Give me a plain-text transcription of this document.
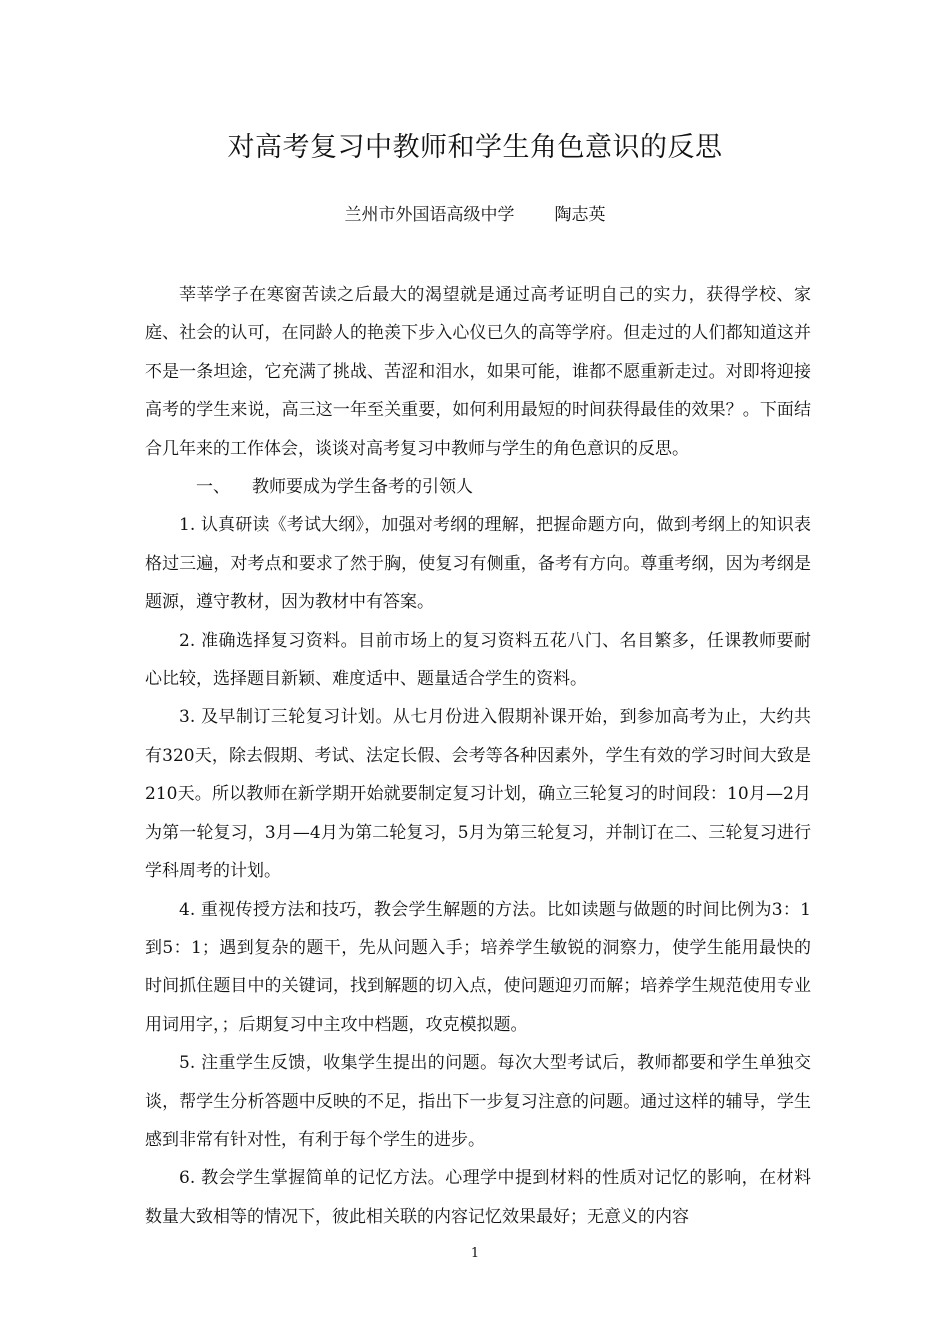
对高考复习中教师和学生角色意识的反思
兰州市外国语高级中学 陶志英

莘莘学子在寒窗苦读之后最大的渴望就是通过高考证明自己的实力，获得学校、家庭、社会的认可，在同龄人的艳羡下步入心仪已久的高等学府。但走过的人们都知道这并不是一条坦途，它充满了挑战、苦涩和泪水，如果可能，谁都不愿重新走过。对即将迎接高考的学生来说，高三这一年至关重要，如何利用最短的时间获得最佳的效果？。下面结合几年来的工作体会，谈谈对高考复习中教师与学生的角色意识的反思。

一、 教师要成为学生备考的引领人

1. 认真研读《考试大纲》，加强对考纲的理解，把握命题方向，做到考纲上的知识表格过三遍，对考点和要求了然于胸，使复习有侧重，备考有方向。尊重考纲，因为考纲是题源，遵守教材，因为教材中有答案。

2. 准确选择复习资料。目前市场上的复习资料五花八门、名目繁多，任课教师要耐心比较，选择题目新颖、难度适中、题量适合学生的资料。

3. 及早制订三轮复习计划。从七月份进入假期补课开始，到参加高考为止，大约共有320天，除去假期、考试、法定长假、会考等各种因素外，学生有效的学习时间大致是210天。所以教师在新学期开始就要制定复习计划，确立三轮复习的时间段：10月—2月为第一轮复习，3月—4月为第二轮复习，5月为第三轮复习，并制订在二、三轮复习进行学科周考的计划。

4. 重视传授方法和技巧，教会学生解题的方法。比如读题与做题的时间比例为3：1到5：1；遇到复杂的题干，先从问题入手；培养学生敏锐的洞察力，使学生能用最快的时间抓住题目中的关键词，找到解题的切入点，使问题迎刃而解；培养学生规范使用专业用词用字，；后期复习中主攻中档题，攻克模拟题。

5. 注重学生反馈，收集学生提出的问题。每次大型考试后，教师都要和学生单独交谈，帮学生分析答题中反映的不足，指出下一步复习注意的问题。通过这样的辅导，学生感到非常有针对性，有利于每个学生的进步。

6. 教会学生掌握简单的记忆方法。心理学中提到材料的性质对记忆的影响，在材料数量大致相等的情况下，彼此相关联的内容记忆效果最好；无意义的内容

1
